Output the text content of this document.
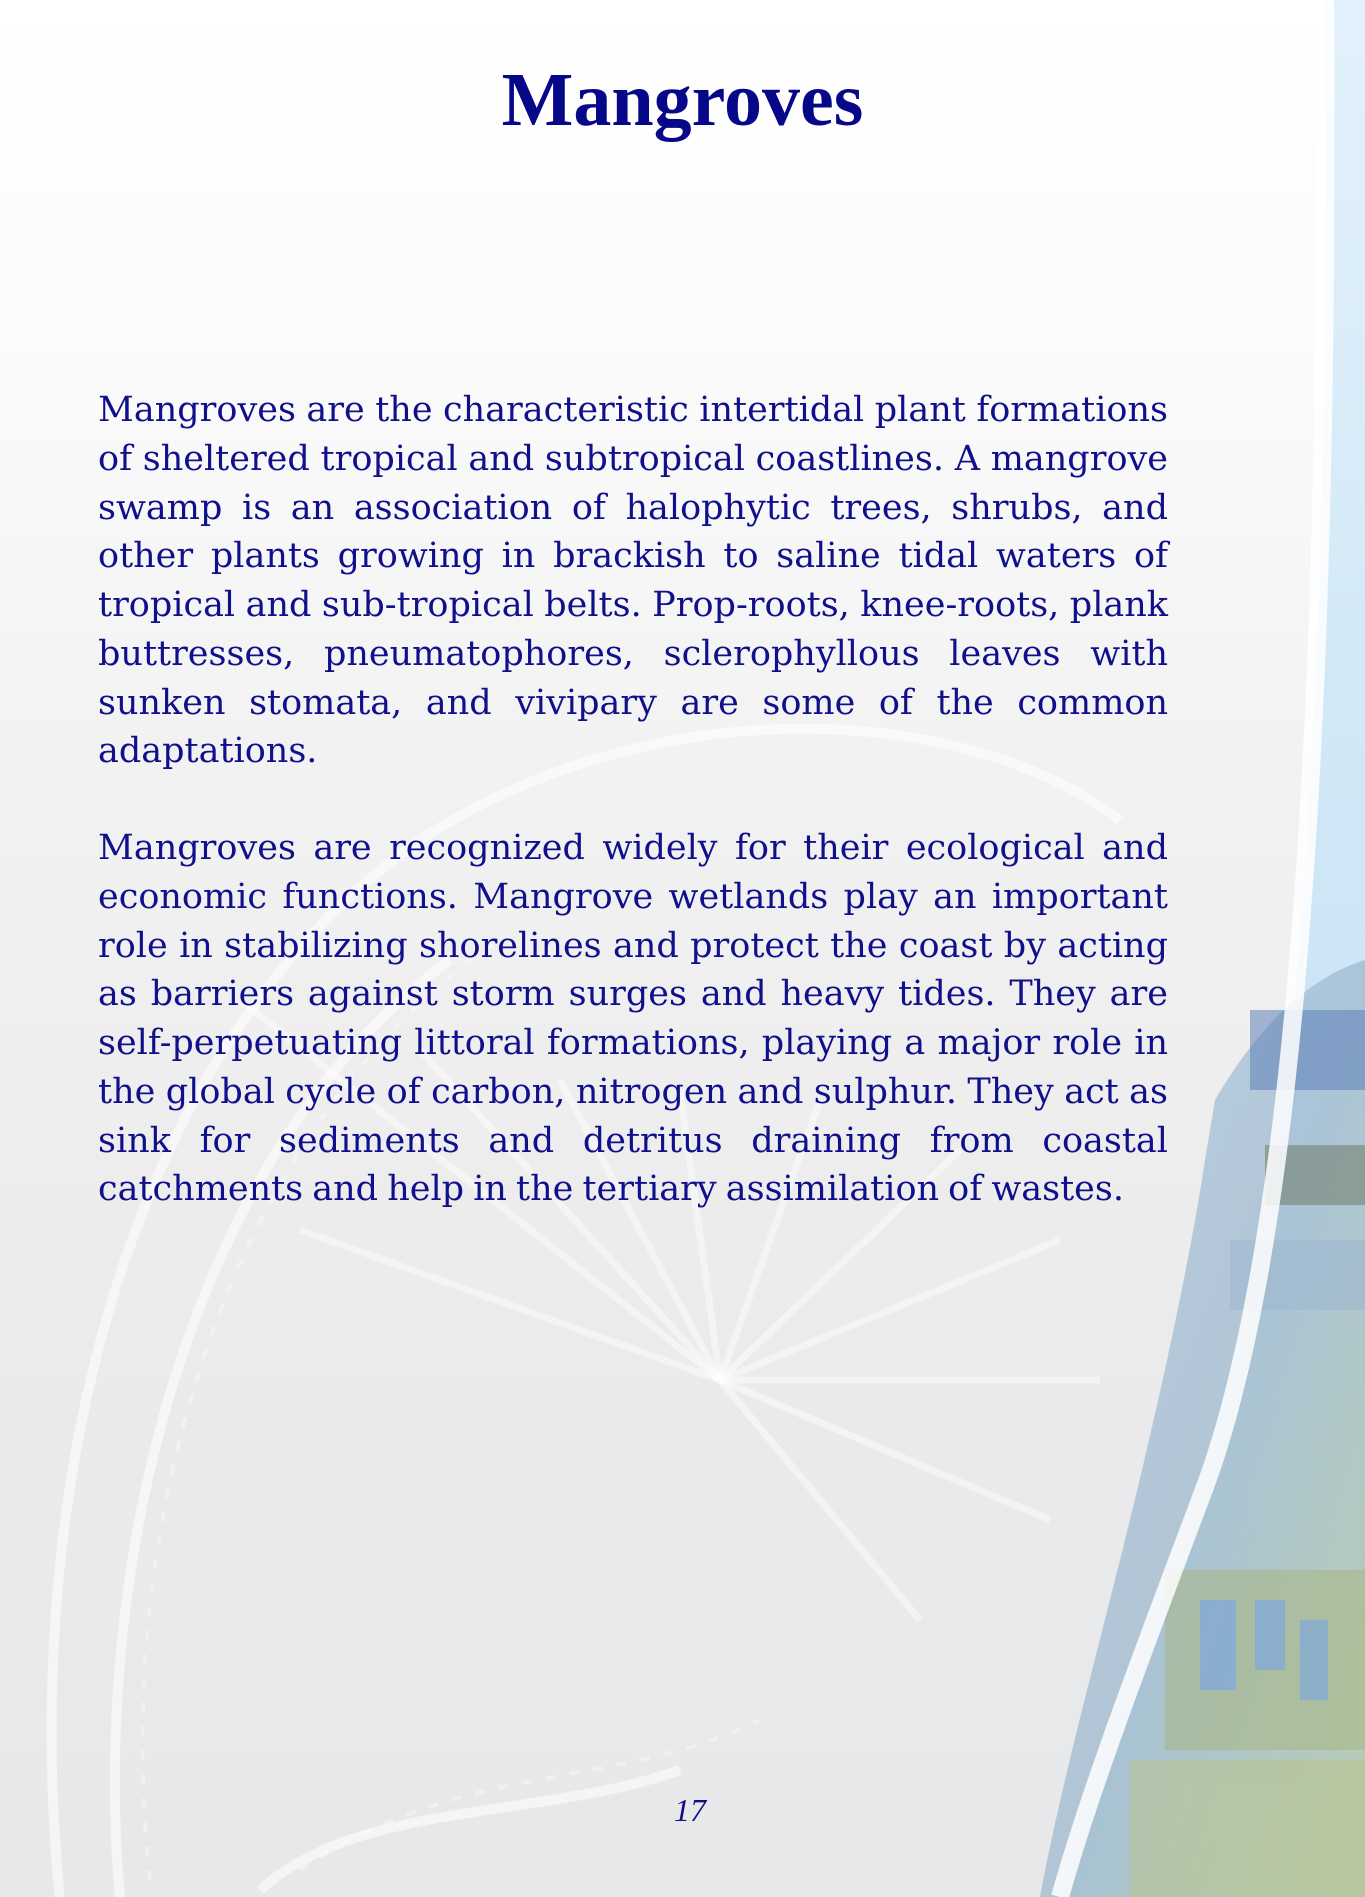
Mangroves

Mangroves are the characteristic intertidal plant formations of sheltered tropical and subtropical coastlines. A mangrove swamp is an association of halophytic trees, shrubs, and other plants growing in brackish to saline tidal waters of tropical and sub-tropical belts. Prop-roots, knee-roots, plank buttresses, pneumatophores, sclerophyllous leaves with sunken stomata, and vivipary are some of the common adaptations.

Mangroves are recognized widely for their ecological and economic functions. Mangrove wetlands play an important role in stabilizing shorelines and protect the coast by acting as barriers against storm surges and heavy tides. They are self-perpetuating littoral formations, playing a major role in the global cycle of carbon, nitrogen and sulphur. They act as sink for sediments and detritus draining from coastal catchments and help in the tertiary assimilation of wastes.

17
